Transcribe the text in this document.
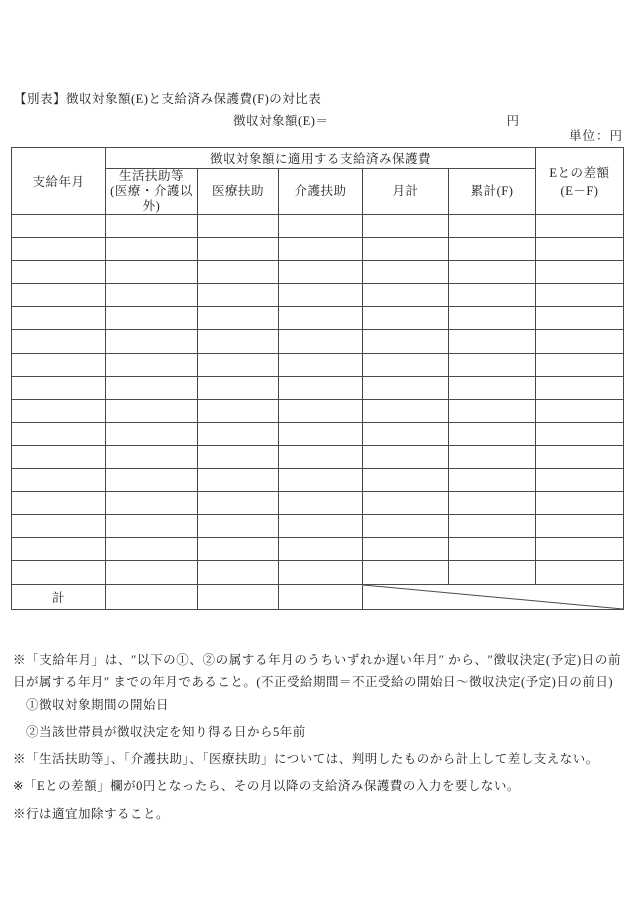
【別表】徴収対象額(E)と支給済み保護費(F)の対比表
徴収対象額(E)＝	円
単位：円
支給年月	徴収対象額に適用する支給済み保護費					Eとの差額
(E－F)

	生活扶助等
(医療・介護以外)	医療扶助	介護扶助	月計	累計(F)	

計				
※「支給年月」は、″以下の①、②の属する年月のうちいずれか遅い年月″ から、″徴収決定(予定)日の前日が属する年月″ までの年月であること。(不正受給期間＝不正受給の開始日～徴収決定(予定)日の前日)
①徴収対象期間の開始日
②当該世帯員が徴収決定を知り得る日から5年前
※「生活扶助等」、「介護扶助」、「医療扶助」については、判明したものから計上して差し支えない。
※「Eとの差額」欄が0円となったら、その月以降の支給済み保護費の入力を要しない。
※行は適宜加除すること。
